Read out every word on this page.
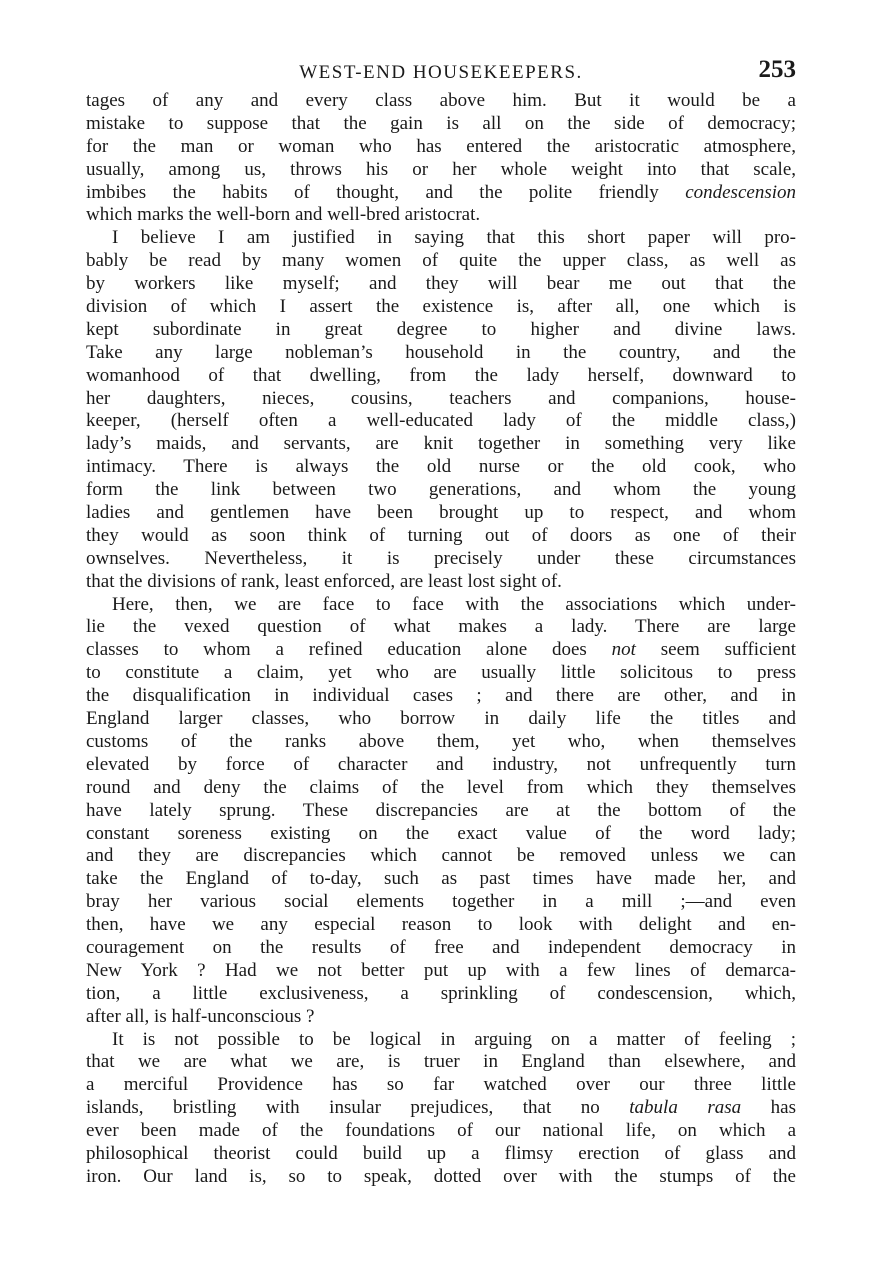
WEST-END HOUSEKEEPERS.	253
tages of any and every class above him. But it would be a
mistake to suppose that the gain is all on the side of democracy;
for the man or woman who has entered the aristocratic atmosphere,
usually, among us, throws his or her whole weight into that scale,
imbibes the habits of thought, and the polite friendly condescension
which marks the well-born and well-bred aristocrat.
I believe I am justified in saying that this short paper will pro-
bably be read by many women of quite the upper class, as well as
by workers like myself; and they will bear me out that the
division of which I assert the existence is, after all, one which is
kept subordinate in great degree to higher and divine laws.
Take any large nobleman’s household in the country, and the
womanhood of that dwelling, from the lady herself, downward to
her daughters, nieces, cousins, teachers and companions, house-
keeper, (herself often a well-educated lady of the middle class,)
lady’s maids, and servants, are knit together in something very like
intimacy. There is always the old nurse or the old cook, who
form the link between two generations, and whom the young
ladies and gentlemen have been brought up to respect, and whom
they would as soon think of turning out of doors as one of their
ownselves. Nevertheless, it is precisely under these circumstances
that the divisions of rank, least enforced, are least lost sight of.
Here, then, we are face to face with the associations which under-
lie the vexed question of what makes a lady. There are large
classes to whom a refined education alone does not seem sufficient
to constitute a claim, yet who are usually little solicitous to press
the disqualification in individual cases ; and there are other, and in
England larger classes, who borrow in daily life the titles and
customs of the ranks above them, yet who, when themselves
elevated by force of character and industry, not unfrequently turn
round and deny the claims of the level from which they themselves
have lately sprung. These discrepancies are at the bottom of the
constant soreness existing on the exact value of the word lady;
and they are discrepancies which cannot be removed unless we can
take the England of to-day, such as past times have made her, and
bray her various social elements together in a mill ;—and even
then, have we any especial reason to look with delight and en-
couragement on the results of free and independent democracy in
New York ? Had we not better put up with a few lines of demarca-
tion, a little exclusiveness, a sprinkling of condescension, which,
after all, is half-unconscious ?
It is not possible to be logical in arguing on a matter of feeling ;
that we are what we are, is truer in England than elsewhere, and
a merciful Providence has so far watched over our three little
islands, bristling with insular prejudices, that no tabula rasa has
ever been made of the foundations of our national life, on which a
philosophical theorist could build up a flimsy erection of glass and
iron. Our land is, so to speak, dotted over with the stumps of the
